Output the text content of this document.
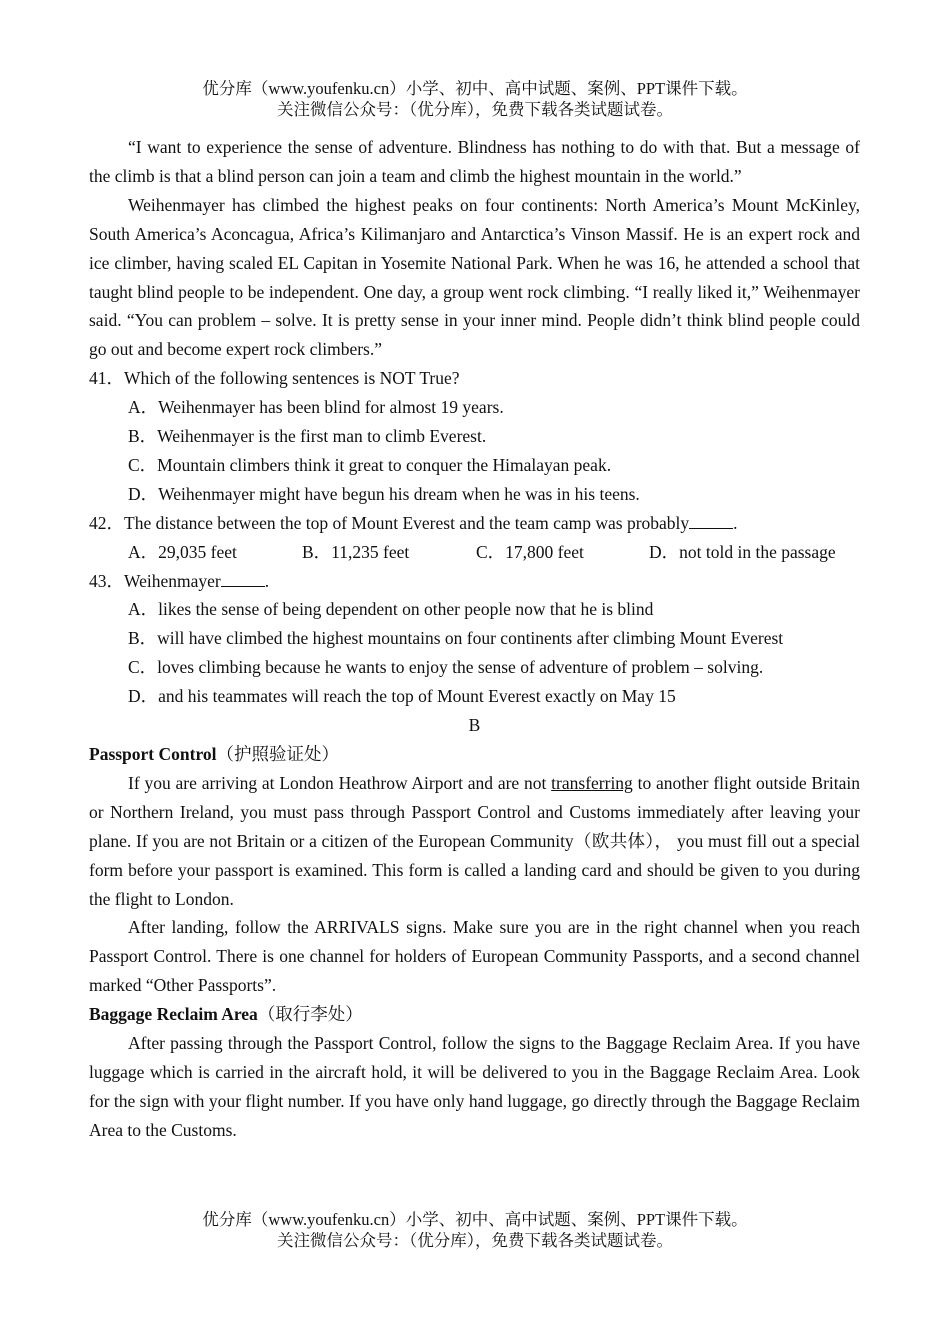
优分库（www.youfenku.cn）小学、初中、高中试题、案例、PPT课件下载。
关注微信公众号：（优分库），免费下载各类试题试卷。

“I want to experience the sense of adventure. Blindness has nothing to do with that. But a message of the climb is that a blind person can join a team and climb the highest mountain in the world.”

Weihenmayer has climbed the highest peaks on four continents: North America’s Mount McKinley, South America’s Aconcagua, Africa’s Kilimanjaro and Antarctica’s Vinson Massif. He is an expert rock and ice climber, having scaled EL Capitan in Yosemite National Park. When he was 16, he attended a school that taught blind people to be independent. One day, a group went rock climbing. “I really liked it,” Weihenmayer said. “You can problem – solve. It is pretty sense in your inner mind. People didn’t think blind people could go out and become expert rock climbers.”

41．Which of the following sentences is NOT True?

A．Weihenmayer has been blind for almost 19 years.

B．Weihenmayer is the first man to climb Everest.

C．Mountain climbers think it great to conquer the Himalayan peak.

D．Weihenmayer might have begun his dream when he was in his teens.

42．The distance between the top of Mount Everest and the team camp was probably	.

A．29,035 feet	B．11,235 feet	C．17,800 feet	D．not told in the passage

43．Weihenmayer	.

A．likes the sense of being dependent on other people now that he is blind

B．will have climbed the highest mountains on four continents after climbing Mount Everest

C．loves climbing because he wants to enjoy the sense of adventure of problem – solving.

D．and his teammates will reach the top of Mount Everest exactly on May 15

B

Passport Control（护照验证处）

If you are arriving at London Heathrow Airport and are not transferring to another flight outside Britain or Northern Ireland, you must pass through Passport Control and Customs immediately after leaving your plane. If you are not Britain or a citizen of the European Community（欧共体）， you must fill out a special form before your passport is examined. This form is called a landing card and should be given to you during the flight to London.

After landing, follow the ARRIVALS signs. Make sure you are in the right channel when you reach Passport Control. There is one channel for holders of European Community Passports, and a second channel marked “Other Passports”.

Baggage Reclaim Area（取行李处）

After passing through the Passport Control, follow the signs to the Baggage Reclaim Area. If you have luggage which is carried in the aircraft hold, it will be delivered to you in the Baggage Reclaim Area. Look for the sign with your flight number. If you have only hand luggage, go directly through the Baggage Reclaim Area to the Customs.

优分库（www.youfenku.cn）小学、初中、高中试题、案例、PPT课件下载。
关注微信公众号：（优分库），免费下载各类试题试卷。
